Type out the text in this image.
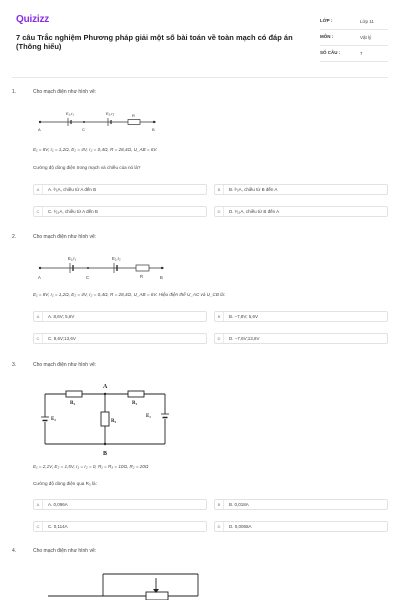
Quizizz
7 câu Trắc nghiệm Phương pháp giải một số bài toán về toàn mạch có đáp án (Thông hiểu)
LỚP :	Lớp 11
MÔN :	Vật lý
SỐ CÂU :	7
1.	Cho mạch điện như hình vẽ:
E₁,r₁	E₂,r₂
A	C
R
B
E₁ = 8V, r₁ = 1,2Ω, E₂ = 4V, r₂ = 0,4Ω, R = 28,4Ω, U_AB = 6V.
Cường độ dòng điện trong mạch và chiều của nó là?
A	A. ²⁄₅A, chiều từ A đến B	B	B. ²⁄₃A, chiều từ B đến A
C	C. ¹⁄₁₅A, chiều từ A đến B	D	D. ¹⁄₁₅A, chiều từ B đến A
2.	Cho mạch điện như hình vẽ:
E₁,r₁	E₂,r₂
A	C	R	B
E₁ = 8V, r₁ = 1,2Ω, E₂ = 4V, r₂ = 0,4Ω, R = 28,4Ω, U_AB = 6V. Hiệu điện thế U_AC và U_CB là:
A	A. 8,6V; 5,6V	B	B. −7,8V; 5,6V
C	C. 8,6V;13,6V	D	D. −7,6V;13,6V
3.	Cho mạch điện như hình vẽ:
A
B
R₂	R₁
R₃
E₂
E₁
E₁ = 2,1V, E₂ = 1,5V, r₁ = r₂ = 0, R₁ = R₃ = 10Ω, R₂ = 20Ω
Cường độ dòng điện qua R₃ là:
A	A. 0,096A	B	B. 0,018A
C	C. 0,114A	D	D. 0,0068A
4.	Cho mạch điện như hình vẽ:
